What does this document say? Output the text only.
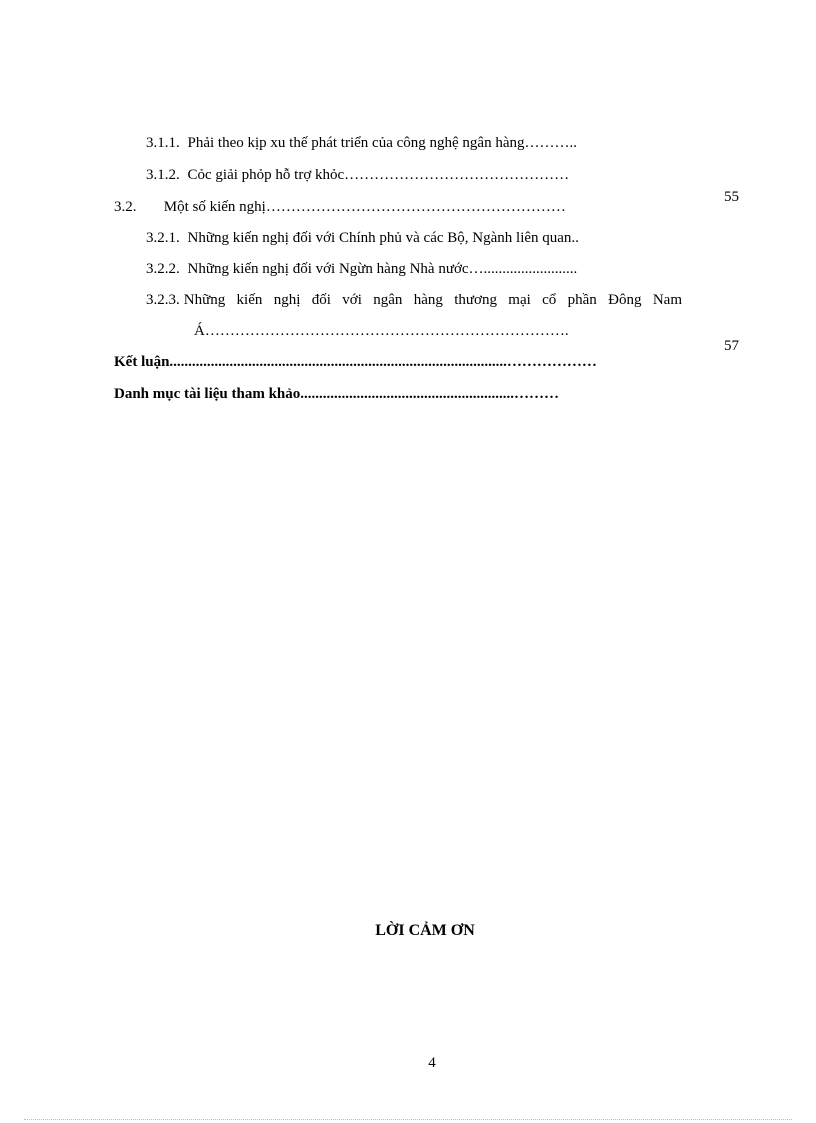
3.1.1. Phải theo kịp xu thế phát triển của công nghệ ngân hàng………..
3.1.2. Cỏc giải phỏp hỗ trợ khỏc………………………………………
55
3.2. Một số kiến nghị……………………………………………………
3.2.1. Những kiến nghị đối với Chính phủ và các Bộ, Ngành liên quan..
3.2.2. Những kiến nghị đối với Ngừn hàng Nhà nước….........................
3.2.3. Những kiến nghị đối với ngân hàng thương mại cổ phần Đông Nam
Á……………………………………………………………….
57
Kết luận..........................................................................................………………
Danh mục tài liệu tham khảo.........................................................………
LỜI CẢM ƠN
4
